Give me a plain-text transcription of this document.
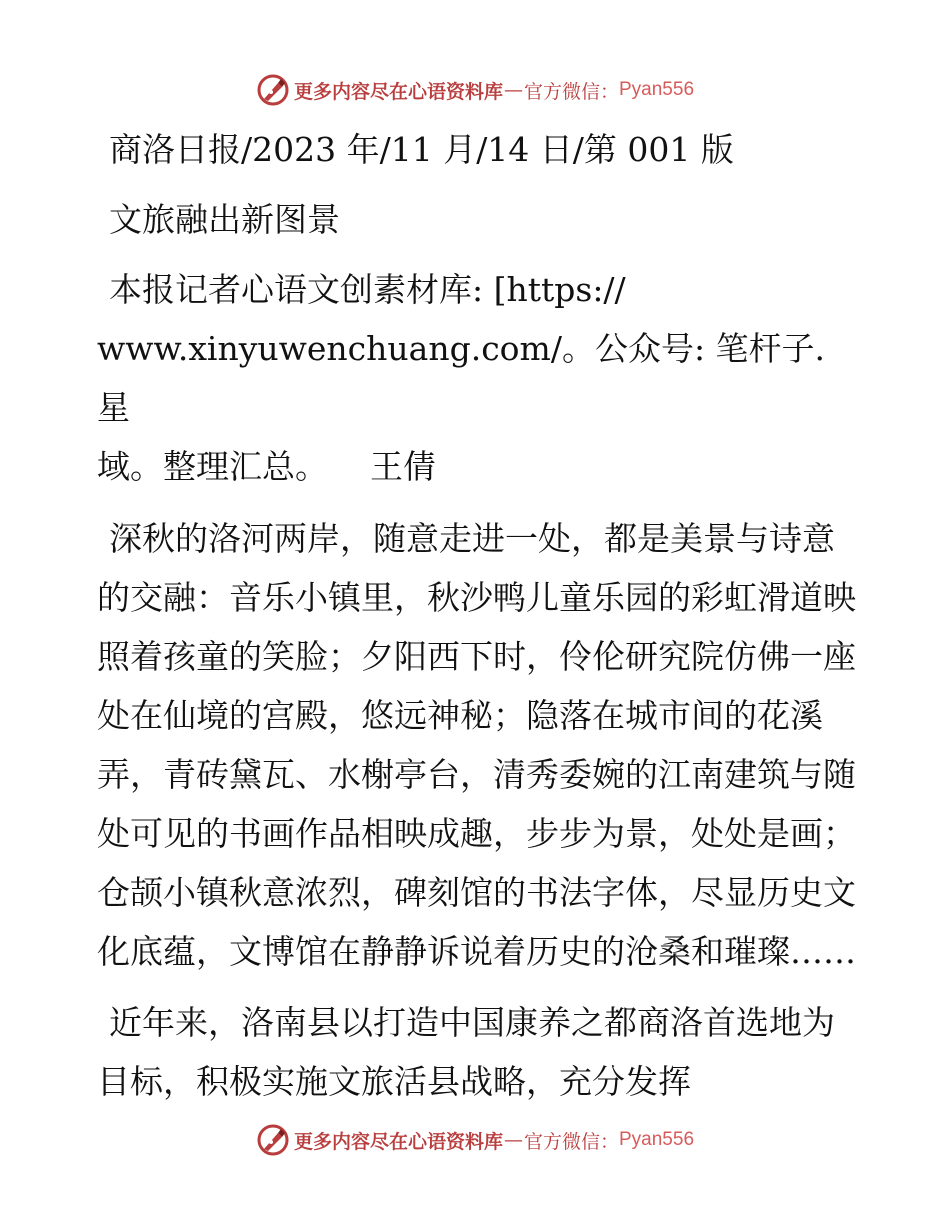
更多内容尽在心语资料库 — 官方微信： Pyan556

商洛日报/2023 年/11 月/14 日/第 001 版

文旅融出新图景

本报记者心语文创素材库: [https://

www.xinyuwenchuang.com/。公众号: 笔杆子.星

域。整理汇总。    王倩

深秋的洛河两岸，随意走进一处，都是美景与诗意的交融：音乐小镇里，秋沙鸭儿童乐园的彩虹滑道映照着孩童的笑脸；夕阳西下时，伶伦研究院仿佛一座处在仙境的宫殿，悠远神秘；隐落在城市间的花溪弄，青砖黛瓦、水榭亭台，清秀委婉的江南建筑与随处可见的书画作品相映成趣，步步为景，处处是画；仓颉小镇秋意浓烈，碑刻馆的书法字体，尽显历史文化底蕴，文博馆在静静诉说着历史的沧桑和璀璨……

近年来，洛南县以打造中国康养之都商洛首选地为目标，积极实施文旅活县战略，充分发挥

更多内容尽在心语资料库 — 官方微信： Pyan556
